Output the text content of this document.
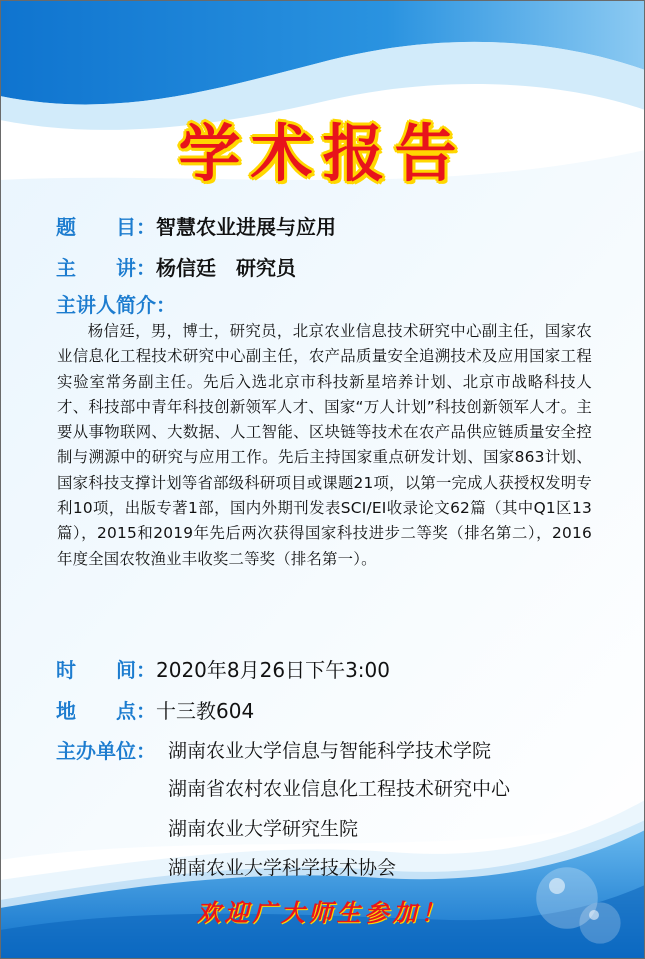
学术报告
题　　目：智慧农业进展与应用
主　　讲：杨信廷　研究员
主讲人简介：
杨信廷，男，博士，研究员，北京农业信息技术研究中心副主任，国家农业信息化工程技术研究中心副主任，农产品质量安全追溯技术及应用国家工程实验室常务副主任。先后入选北京市科技新星培养计划、北京市战略科技人才、科技部中青年科技创新领军人才、国家“万人计划”科技创新领军人才。主要从事物联网、大数据、人工智能、区块链等技术在农产品供应链质量安全控制与溯源中的研究与应用工作。先后主持国家重点研发计划、国家863计划、国家科技支撑计划等省部级科研项目或课题21项，以第一完成人获授权发明专利10项，出版专著1部，国内外期刊发表SCI/EI收录论文62篇（其中Q1区13篇），2015和2019年先后两次获得国家科技进步二等奖（排名第二），2016年度全国农牧渔业丰收奖二等奖（排名第一）。
时　　间：2020年8月26日下午3:00
地　　点：十三教604
主办单位： 湖南农业大学信息与智能科学技术学院
湖南省农村农业信息化工程技术研究中心
湖南农业大学研究生院
湖南农业大学科学技术协会
欢迎广大师生参加！
